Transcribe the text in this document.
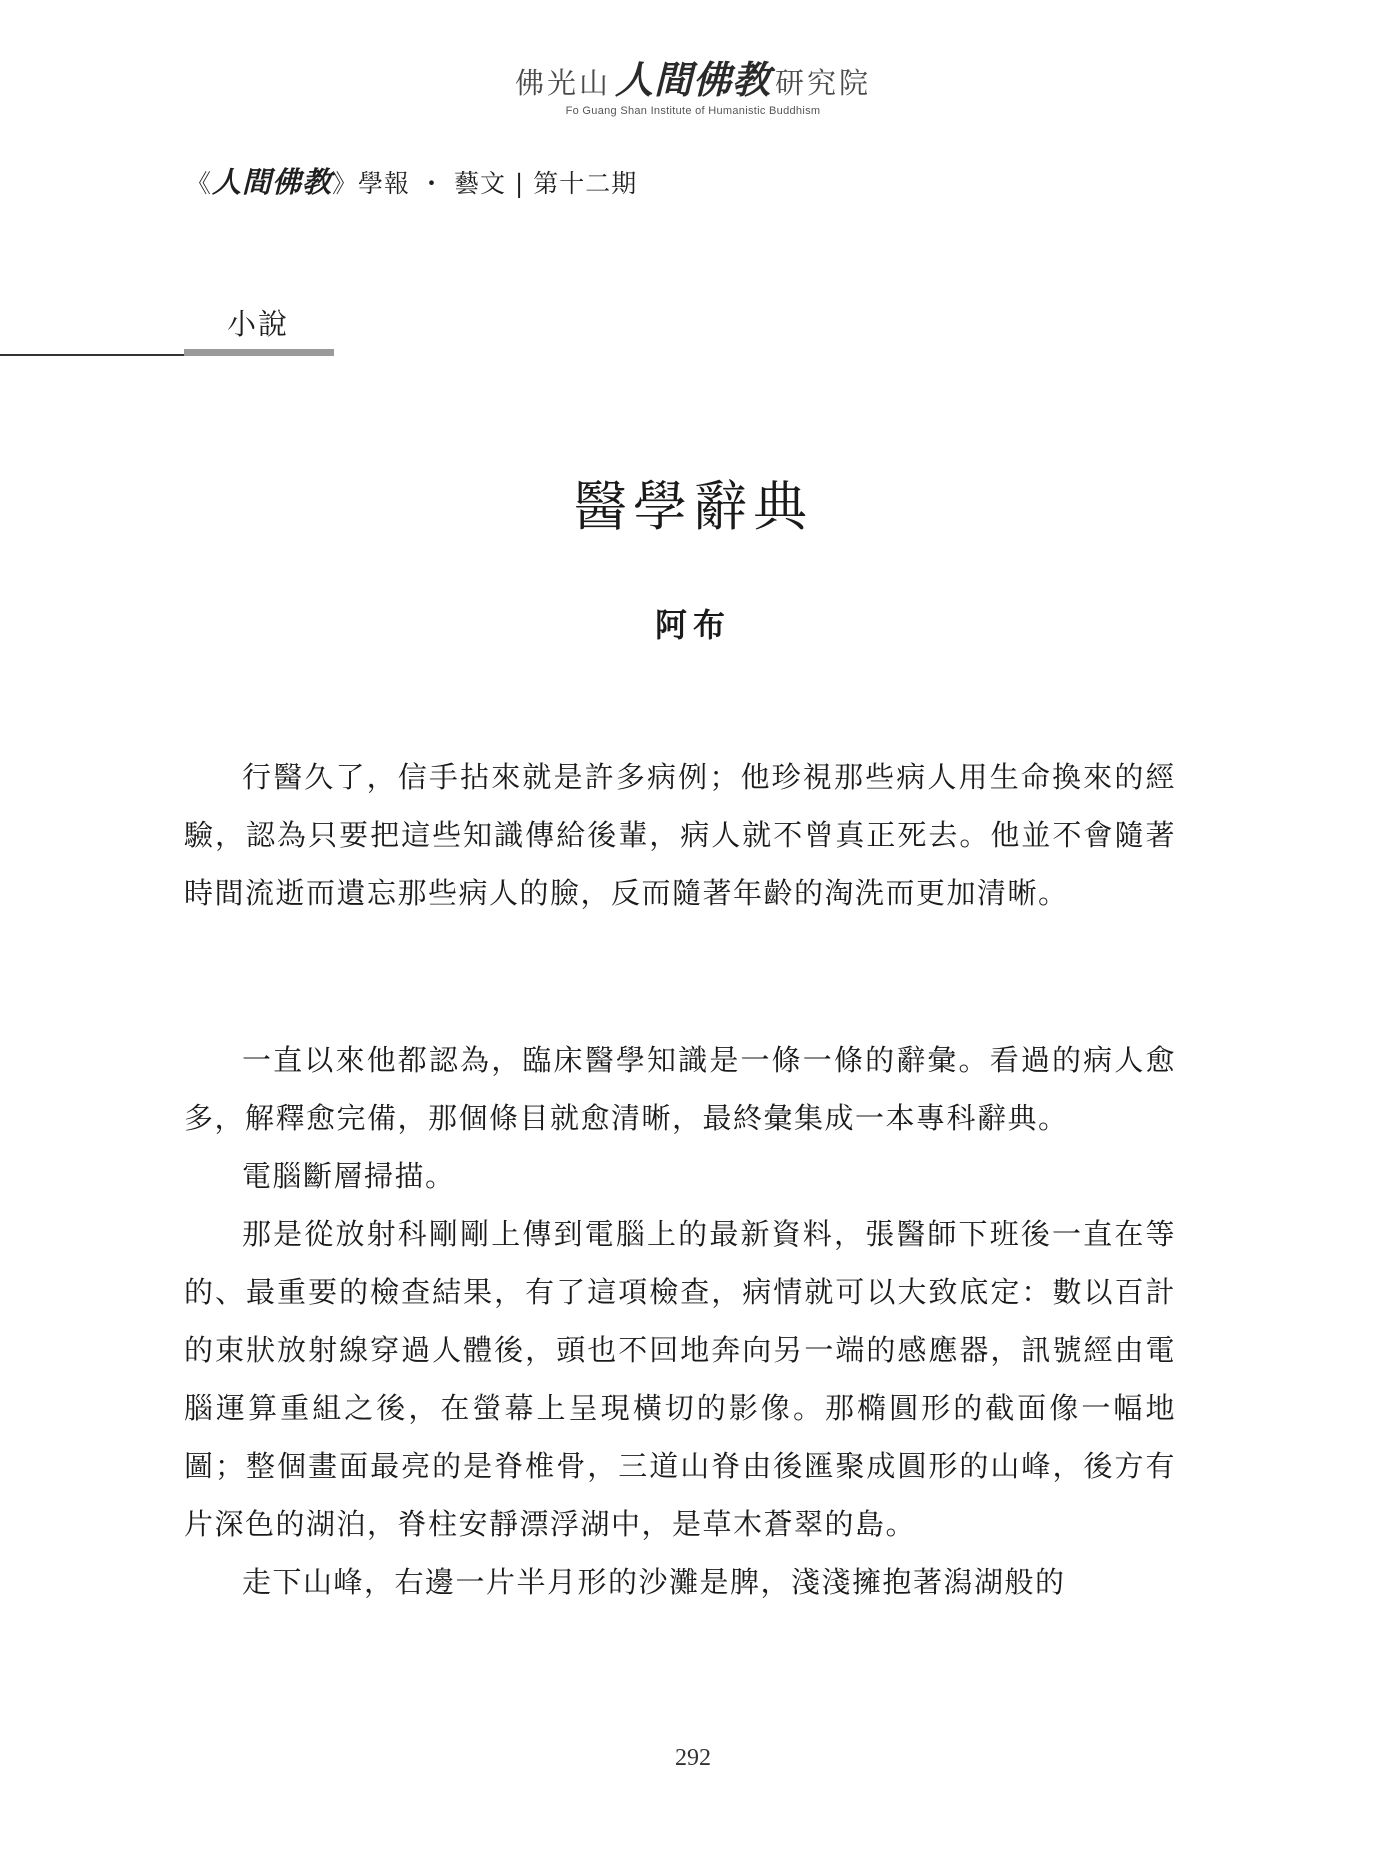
佛光山 人間佛教 研究院
Fo Guang Shan Institute of Humanistic Buddhism
《人間佛教》學報 ・ 藝文 | 第十二期
小說
醫學辭典
阿布

行醫久了，信手拈來就是許多病例；他珍視那些病人用生命換來的經驗，認為只要把這些知識傳給後輩，病人就不曾真正死去。他並不會隨著時間流逝而遺忘那些病人的臉，反而隨著年齡的淘洗而更加清晰。

一直以來他都認為，臨床醫學知識是一條一條的辭彙。看過的病人愈多，解釋愈完備，那個條目就愈清晰，最終彙集成一本專科辭典。

電腦斷層掃描。

那是從放射科剛剛上傳到電腦上的最新資料，張醫師下班後一直在等的、最重要的檢查結果，有了這項檢查，病情就可以大致底定：數以百計的束狀放射線穿過人體後，頭也不回地奔向另一端的感應器，訊號經由電腦運算重組之後，在螢幕上呈現橫切的影像。那橢圓形的截面像一幅地圖；整個畫面最亮的是脊椎骨，三道山脊由後匯聚成圓形的山峰，後方有片深色的湖泊，脊柱安靜漂浮湖中，是草木蒼翠的島。

走下山峰，右邊一片半月形的沙灘是脾，淺淺擁抱著潟湖般的

292
